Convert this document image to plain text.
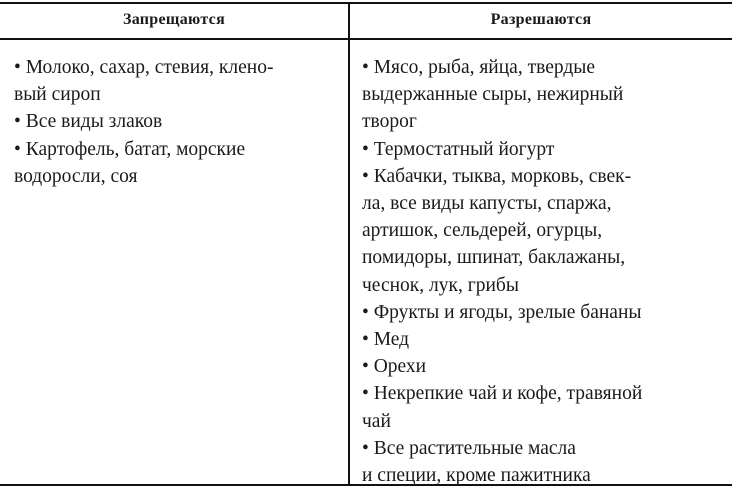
Запрещаются	Разрешаются
• Молоко, сахар, стевия, клено-
вый сироп
• Все виды злаков
• Картофель, батат, морские
водоросли, соя
• Мясо, рыба, яйца, твердые
выдержанные сыры, нежирный
творог
• Термостатный йогурт
• Кабачки, тыква, морковь, свек-
ла, все виды капусты, спаржа,
артишок, сельдерей, огурцы,
помидоры, шпинат, баклажаны,
чеснок, лук, грибы
• Фрукты и ягоды, зрелые бананы
• Мед
• Орехи
• Некрепкие чай и кофе, травяной
чай
• Все растительные масла
и специи, кроме пажитника
